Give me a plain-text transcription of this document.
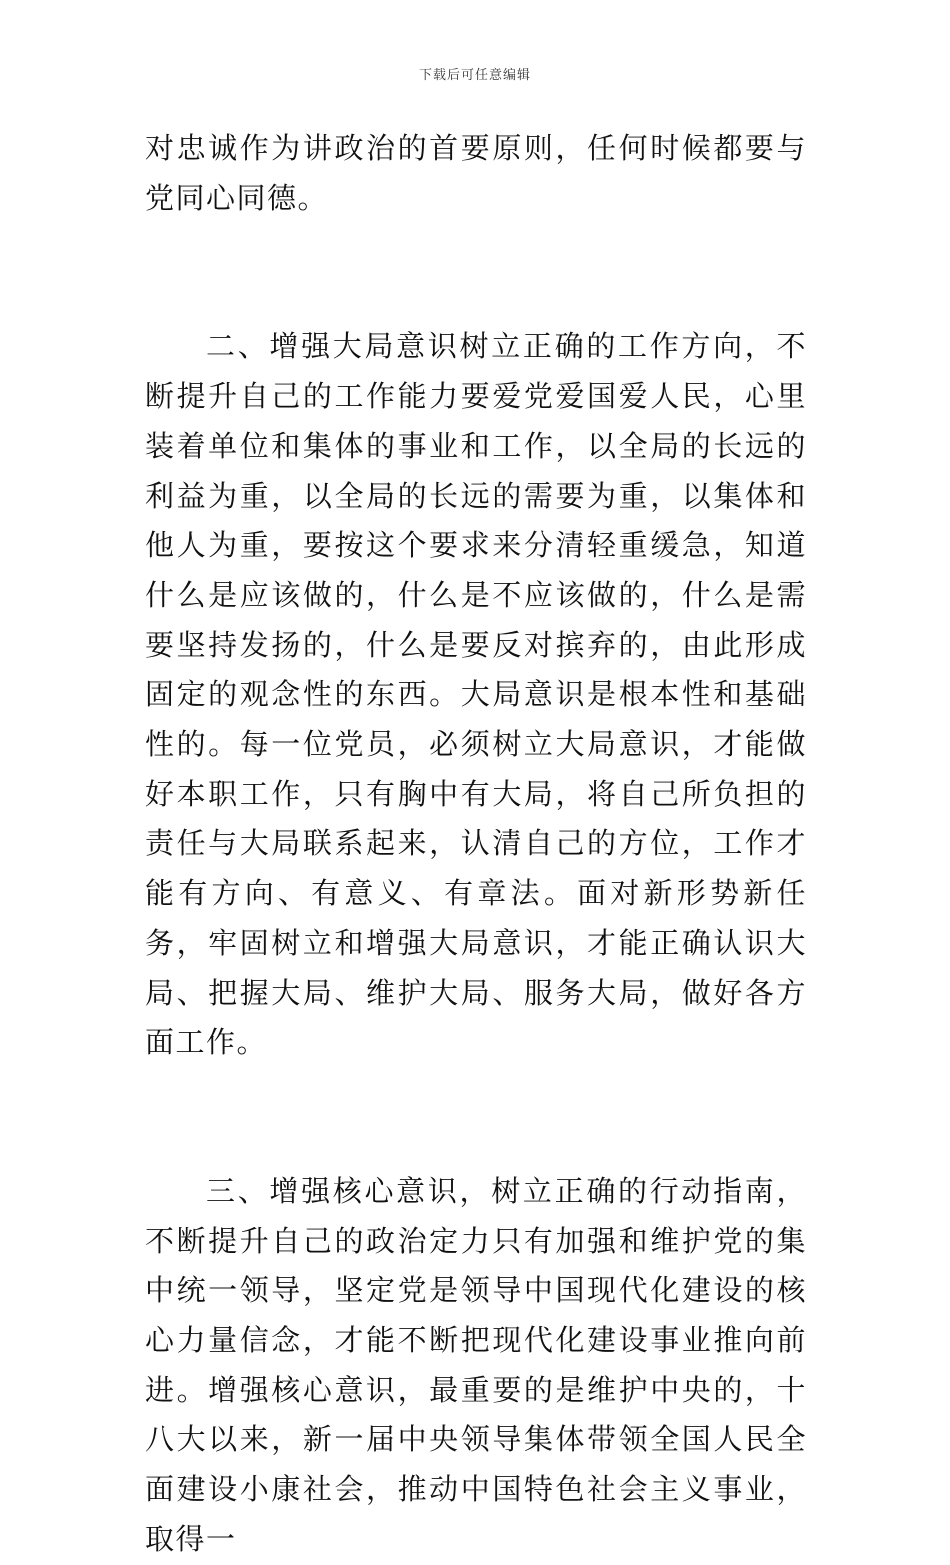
下载后可任意编辑

对忠诚作为讲政治的首要原则，任何时候都要与党同心同德。

二、增强大局意识树立正确的工作方向，不断提升自己的工作能力要爱党爱国爱人民，心里装着单位和集体的事业和工作，以全局的长远的利益为重，以全局的长远的需要为重，以集体和他人为重，要按这个要求来分清轻重缓急，知道什么是应该做的，什么是不应该做的，什么是需要坚持发扬的，什么是要反对摈弃的，由此形成固定的观念性的东西。大局意识是根本性和基础性的。每一位党员，必须树立大局意识，才能做好本职工作，只有胸中有大局，将自己所负担的责任与大局联系起来，认清自己的方位，工作才能有方向、有意义、有章法。面对新形势新任务，牢固树立和增强大局意识，才能正确认识大局、把握大局、维护大局、服务大局，做好各方面工作。

三、增强核心意识，树立正确的行动指南，不断提升自己的政治定力只有加强和维护党的集中统一领导，坚定党是领导中国现代化建设的核心力量信念，才能不断把现代化建设事业推向前进。增强核心意识，最重要的是维护中央的，十八大以来，新一届中央领导集体带领全国人民全面建设小康社会，推动中国特色社会主义事业，取得一
